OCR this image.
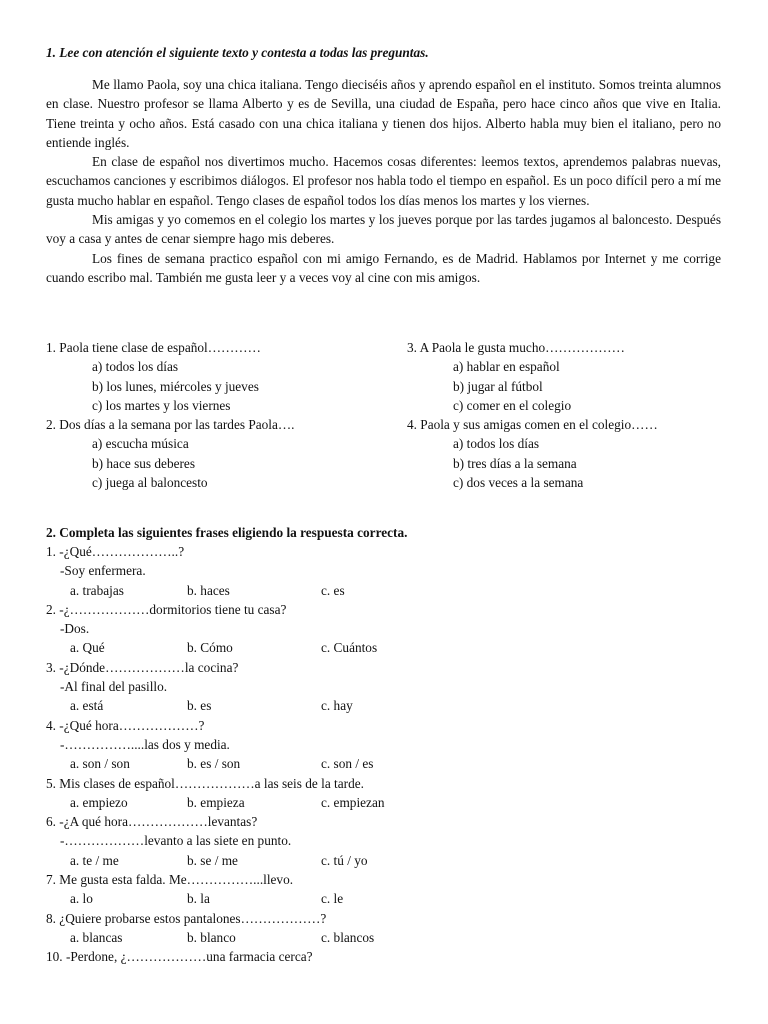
1. Lee con atención el siguiente texto y contesta a todas las preguntas.

Me llamo Paola, soy una chica italiana. Tengo dieciséis años y aprendo español en el instituto. Somos treinta alumnos en clase. Nuestro profesor se llama Alberto y es de Sevilla, una ciudad de España, pero hace cinco años que vive en Italia. Tiene treinta y ocho años. Está casado con una chica italiana y tienen dos hijos. Alberto habla muy bien el italiano, pero no entiende inglés.

En clase de español nos divertimos mucho. Hacemos cosas diferentes: leemos textos, aprendemos palabras nuevas, escuchamos canciones y escribimos diálogos. El profesor nos habla todo el tiempo en español. Es un poco difícil pero a mí me gusta mucho hablar en español. Tengo clases de español todos los días menos los martes y los viernes.

Mis amigas y yo comemos en el colegio los martes y los jueves porque por las tardes jugamos al baloncesto. Después voy a casa y antes de cenar siempre hago mis deberes.

Los fines de semana practico español con mi amigo Fernando, es de Madrid. Hablamos por Internet y me corrige cuando escribo mal. También me gusta leer y a veces voy al cine con mis amigos.

1. Paola tiene clase de español…………

a) todos los días

b) los lunes, miércoles y jueves

c) los martes y los viernes

2. Dos días a la semana por las tardes Paola….

a) escucha música

b) hace sus deberes

c) juega al baloncesto

3. A Paola le gusta mucho………………

a) hablar en español

b) jugar al fútbol

c) comer en el colegio

4. Paola y sus amigas comen en el colegio……

a) todos los días

b) tres días a la semana

c) dos veces a la semana

2. Completa las siguientes frases eligiendo la respuesta correcta.

1. -¿Qué………………..?

-Soy enfermera.

a. trabajas	b. haces	c. es

2. -¿………………dormitorios tiene tu casa?

-Dos.

a. Qué	b. Cómo	c. Cuántos

3. -¿Dónde………………la cocina?

-Al final del pasillo.

a. está	b. es	c. hay

4. -¿Qué hora………………?

-……………....las dos y media.

a. son / son	b. es / son	c. son / es

5. Mis clases de español………………a las seis de la tarde.

a. empiezo	b. empieza	c. empiezan

6. -¿A qué hora………………levantas?

-………………levanto a las siete en punto.

a. te / me	b. se / me	c. tú / yo

7. Me gusta esta falda. Me……………...llevo.

a. lo	b. la	c. le

8. ¿Quiere probarse estos pantalones………………?

a. blancas	b. blanco	c. blancos

10. -Perdone, ¿………………una farmacia cerca?
